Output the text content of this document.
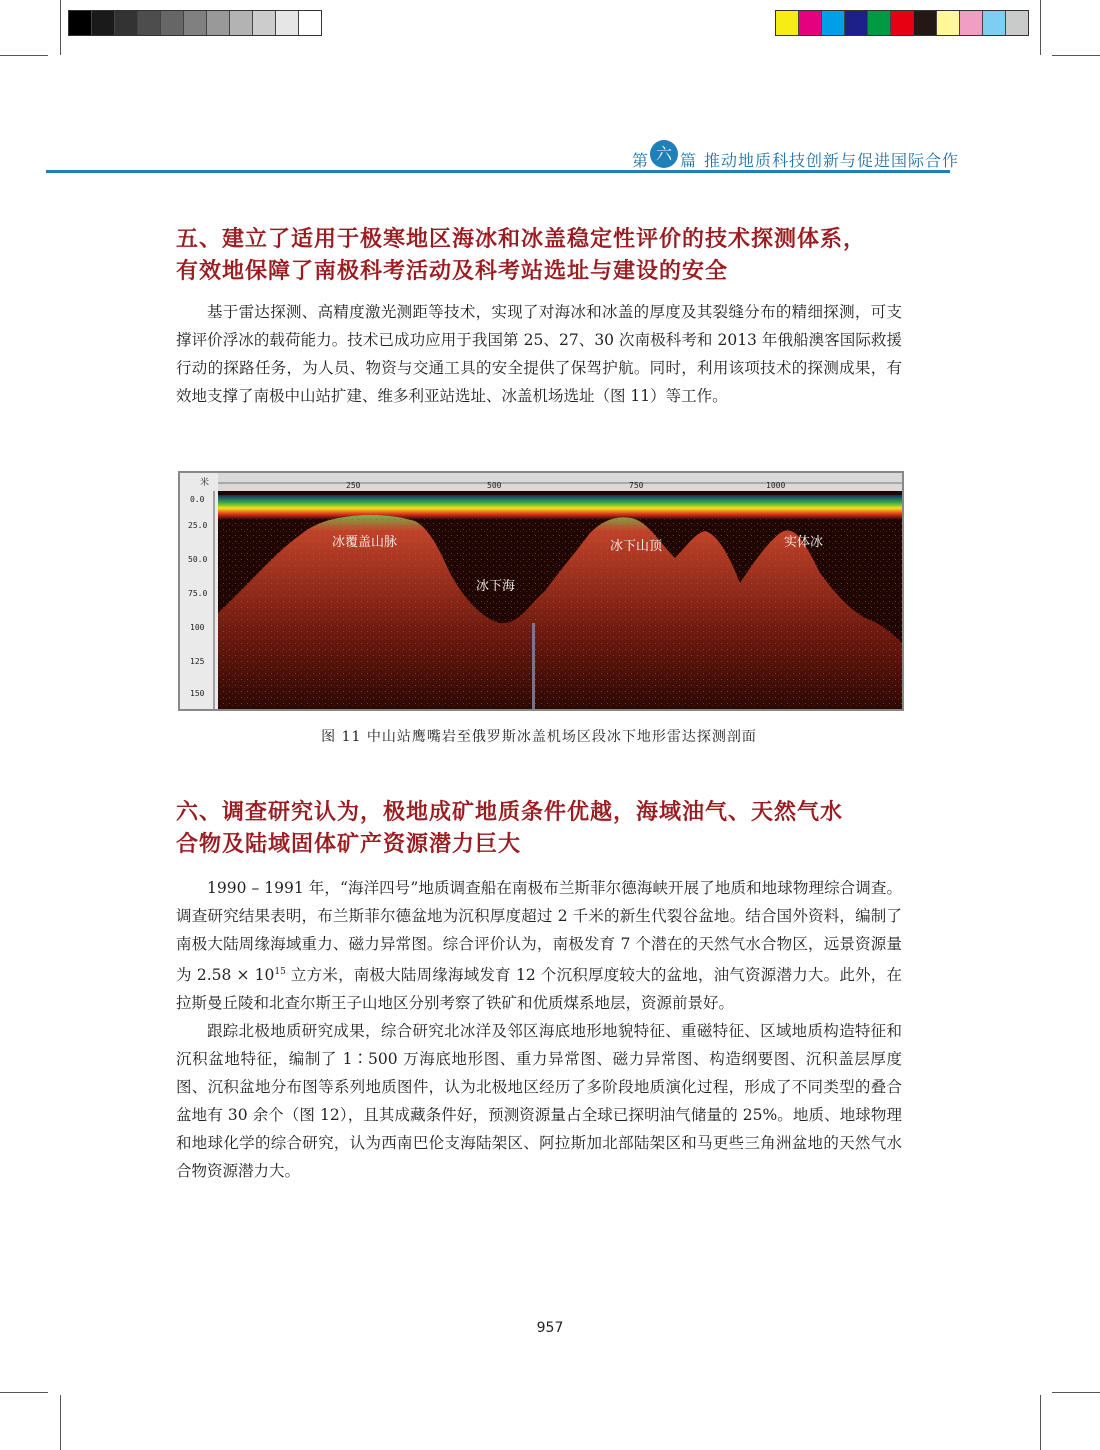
第 六 篇 推动地质科技创新与促进国际合作
五、建立了适用于极寒地区海冰和冰盖稳定性评价的技术探测体系，
有效地保障了南极科考活动及科考站选址与建设的安全

基于雷达探测、高精度激光测距等技术，实现了对海冰和冰盖的厚度及其裂缝分布的精细探测，可支撑评价浮冰的载荷能力。技术已成功应用于我国第 25、27、30 次南极科考和 2013 年俄船澳客国际救援行动的探路任务，为人员、物资与交通工具的安全提供了保驾护航。同时，利用该项技术的探测成果，有效地支撑了南极中山站扩建、维多利亚站选址、冰盖机场选址（图 11）等工作。

米	250	500	750	1000
0.0
25.0
50.0
75.0
100
125
150
冰覆盖山脉
冰下海
冰下山顶	实体冰
图 11 中山站鹰嘴岩至俄罗斯冰盖机场区段冰下地形雷达探测剖面
六、调查研究认为，极地成矿地质条件优越，海域油气、天然气水
合物及陆域固体矿产资源潜力巨大

1990 – 1991 年，“海洋四号”地质调查船在南极布兰斯菲尔德海峡开展了地质和地球物理综合调查。调查研究结果表明，布兰斯菲尔德盆地为沉积厚度超过 2 千米的新生代裂谷盆地。结合国外资料，编制了南极大陆周缘海域重力、磁力异常图。综合评价认为，南极发育 7 个潜在的天然气水合物区，远景资源量为 $2.58 \times 10^{15}$ 立方米，南极大陆周缘海域发育 12 个沉积厚度较大的盆地，油气资源潜力大。此外，在拉斯曼丘陵和北查尔斯王子山地区分别考察了铁矿和优质煤系地层，资源前景好。

跟踪北极地质研究成果，综合研究北冰洋及邻区海底地形地貌特征、重磁特征、区域地质构造特征和沉积盆地特征，编制了 1∶500 万海底地形图、重力异常图、磁力异常图、构造纲要图、沉积盖层厚度图、沉积盆地分布图等系列地质图件，认为北极地区经历了多阶段地质演化过程，形成了不同类型的叠合盆地有 30 余个（图 12），且其成藏条件好，预测资源量占全球已探明油气储量的 25%。地质、地球物理和地球化学的综合研究，认为西南巴伦支海陆架区、阿拉斯加北部陆架区和马更些三角洲盆地的天然气水合物资源潜力大。

957
